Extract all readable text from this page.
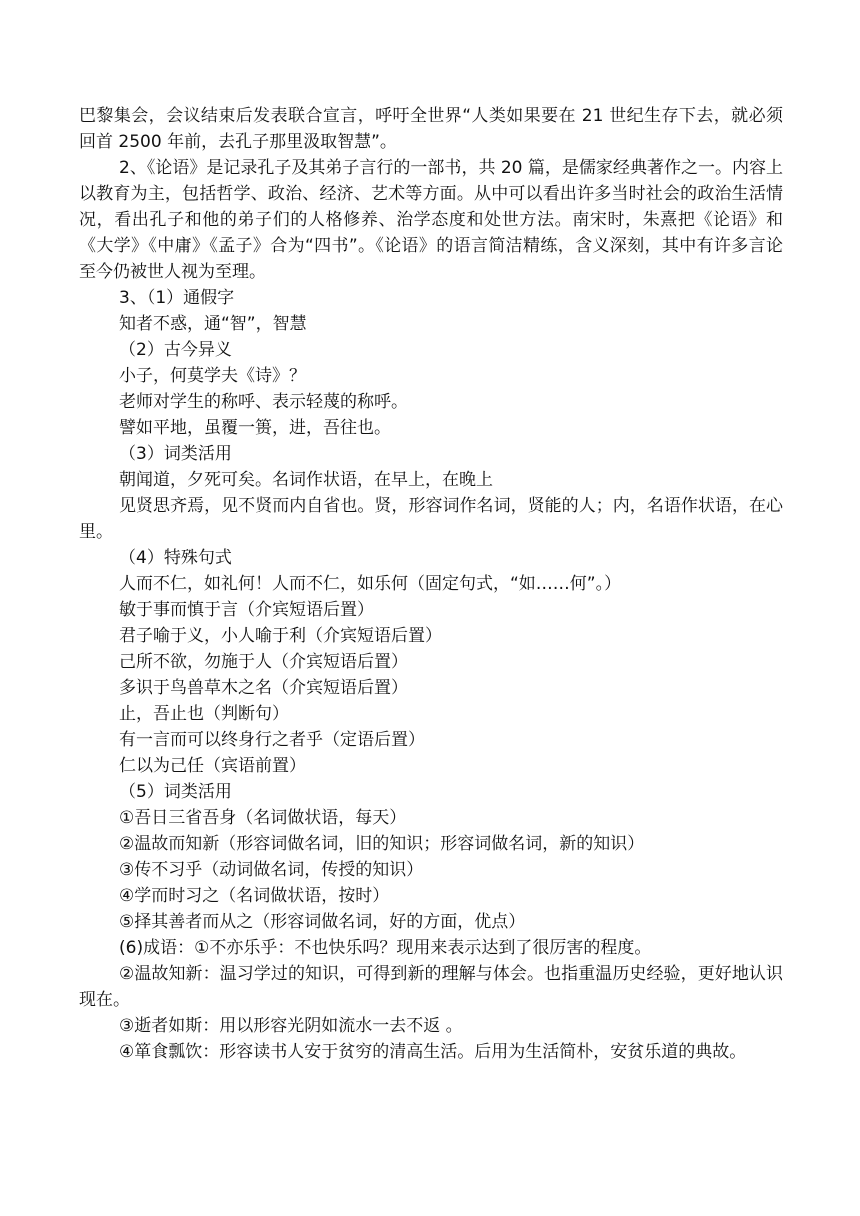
巴黎集会，会议结束后发表联合宣言，呼吁全世界“人类如果要在 21 世纪生存下去，就必须回首 2500 年前，去孔子那里汲取智慧”。

2、《论语》是记录孔子及其弟子言行的一部书，共 20 篇，是儒家经典著作之一。内容上以教育为主，包括哲学、政治、经济、艺术等方面。从中可以看出许多当时社会的政治生活情况，看出孔子和他的弟子们的人格修养、治学态度和处世方法。南宋时，朱熹把《论语》和《大学》《中庸》《孟子》合为“四书”。《论语》的语言简洁精练，含义深刻，其中有许多言论至今仍被世人视为至理。

3、（1）通假字

知者不惑，通“智”，智慧

（2）古今异义

小子，何莫学夫《诗》？

老师对学生的称呼、表示轻蔑的称呼。

譬如平地，虽覆一篑，进，吾往也。

（3）词类活用

朝闻道，夕死可矣。名词作状语，在早上，在晚上

见贤思齐焉，见不贤而内自省也。贤，形容词作名词，贤能的人；内，名语作状语，在心里。

（4）特殊句式

人而不仁，如礼何！人而不仁，如乐何（固定句式，“如……何”。）

敏于事而慎于言（介宾短语后置）

君子喻于义，小人喻于利（介宾短语后置）

己所不欲，勿施于人（介宾短语后置）

多识于鸟兽草木之名（介宾短语后置）

止，吾止也（判断句）

有一言而可以终身行之者乎（定语后置）

仁以为己任（宾语前置）

（5）词类活用

①吾日三省吾身（名词做状语，每天）

②温故而知新（形容词做名词，旧的知识；形容词做名词，新的知识）

③传不习乎（动词做名词，传授的知识）

④学而时习之（名词做状语，按时）

⑤择其善者而从之（形容词做名词，好的方面，优点）

(6)成语：①不亦乐乎：不也快乐吗？现用来表示达到了很厉害的程度。

②温故知新：温习学过的知识，可得到新的理解与体会。也指重温历史经验，更好地认识现在。

③逝者如斯：用以形容光阴如流水一去不返 。

④箪食瓢饮：形容读书人安于贫穷的清高生活。后用为生活简朴，安贫乐道的典故。
